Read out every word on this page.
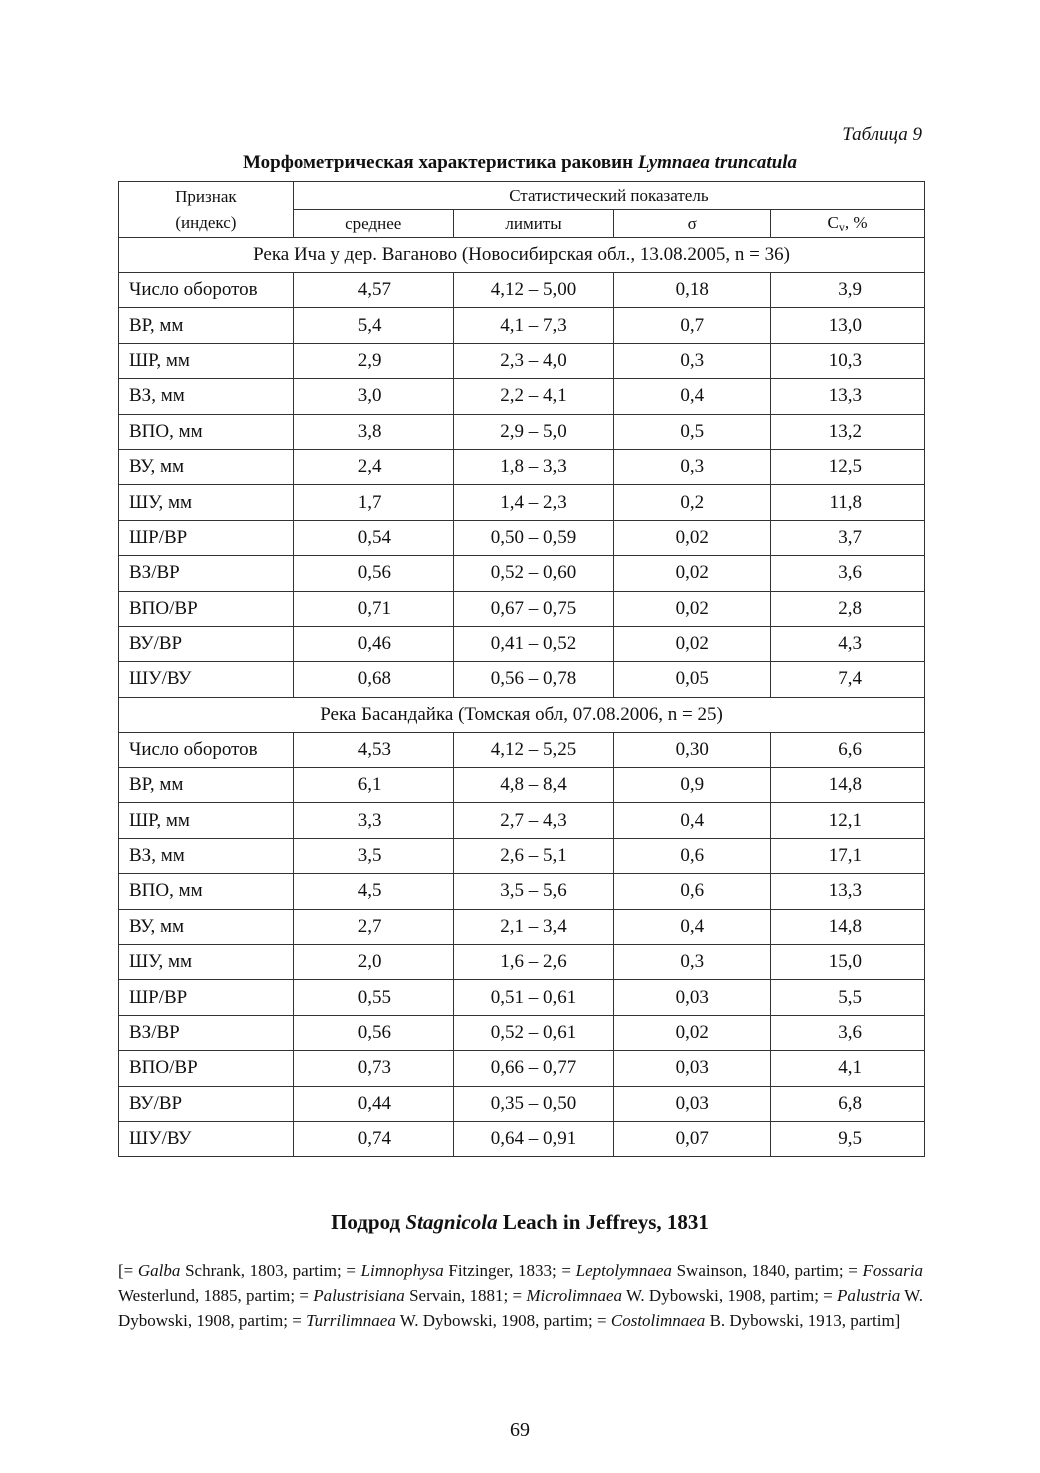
Таблица 9
Морфометрическая характеристика раковин Lymnaea truncatula
Признак
(индекс)	Статистический показатель			
	среднее	лимиты	σ	$C_v$, %
Река Ича у дер. Ваганово (Новосибирская обл., 13.08.2005, n = 36)				
Число оборотов	4,57	4,12 – 5,00	0,18	3,9
ВР, мм	5,4	4,1 – 7,3	0,7	13,0
ШР, мм	2,9	2,3 – 4,0	0,3	10,3
ВЗ, мм	3,0	2,2 – 4,1	0,4	13,3
ВПО, мм	3,8	2,9 – 5,0	0,5	13,2
ВУ, мм	2,4	1,8 – 3,3	0,3	12,5
ШУ, мм	1,7	1,4 – 2,3	0,2	11,8
ШР/ВР	0,54	0,50 – 0,59	0,02	3,7
ВЗ/ВР	0,56	0,52 – 0,60	0,02	3,6
ВПО/ВР	0,71	0,67 – 0,75	0,02	2,8
ВУ/ВР	0,46	0,41 – 0,52	0,02	4,3
ШУ/ВУ	0,68	0,56 – 0,78	0,05	7,4
Река Басандайка (Томская обл, 07.08.2006, n = 25)				
Число оборотов	4,53	4,12 – 5,25	0,30	6,6
ВР, мм	6,1	4,8 – 8,4	0,9	14,8
ШР, мм	3,3	2,7 – 4,3	0,4	12,1
ВЗ, мм	3,5	2,6 – 5,1	0,6	17,1
ВПО, мм	4,5	3,5 – 5,6	0,6	13,3
ВУ, мм	2,7	2,1 – 3,4	0,4	14,8
ШУ, мм	2,0	1,6 – 2,6	0,3	15,0
ШР/ВР	0,55	0,51 – 0,61	0,03	5,5
ВЗ/ВР	0,56	0,52 – 0,61	0,02	3,6
ВПО/ВР	0,73	0,66 – 0,77	0,03	4,1
ВУ/ВР	0,44	0,35 – 0,50	0,03	6,8
ШУ/ВУ	0,74	0,64 – 0,91	0,07	9,5
Подрод Stagnicola Leach in Jeffreys, 1831
[= Galba Schrank, 1803, partim; = Limnophysa Fitzinger, 1833; = Leptolymnaea Swainson, 1840, partim; = Fossaria Westerlund, 1885, partim; = Palustrisiana Servain, 1881; = Microlimnaea W. Dybowski, 1908, partim; = Palustria W. Dybowski, 1908, partim; = Turrilimnaea W. Dybowski, 1908, partim; = Costolimnaea B. Dybowski, 1913, partim]
69
